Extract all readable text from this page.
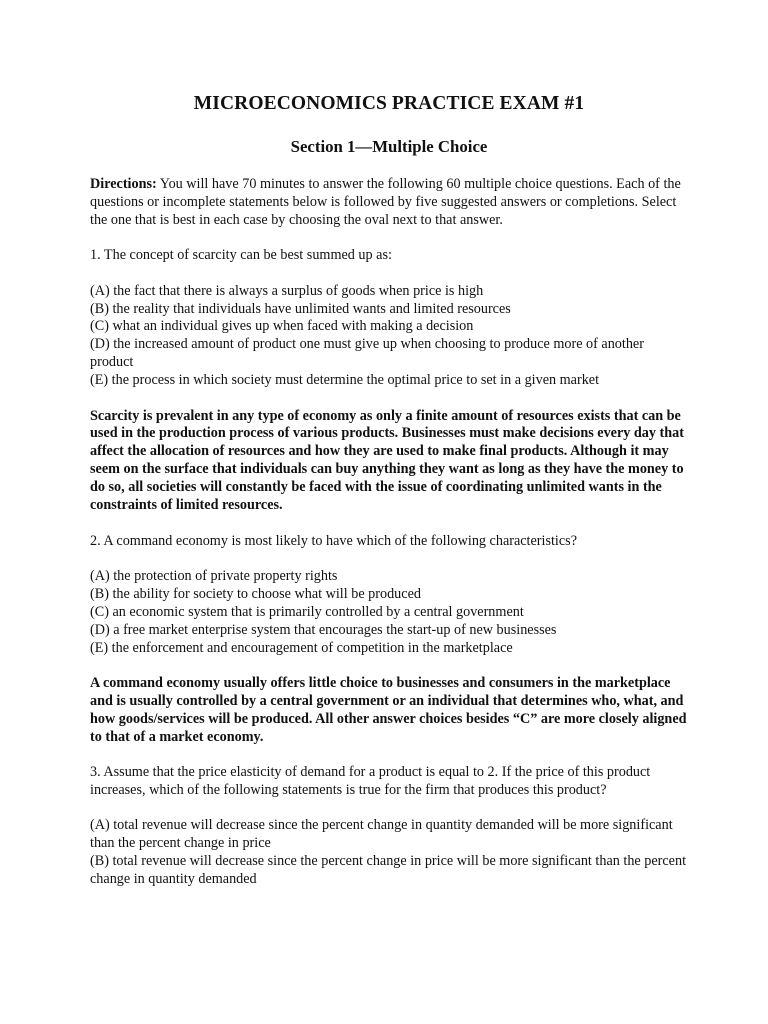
MICROECONOMICS PRACTICE EXAM #1
Section 1—Multiple Choice

Directions: You will have 70 minutes to answer the following 60 multiple choice questions. Each of the questions or incomplete statements below is followed by five suggested answers or completions. Select the one that is best in each case by choosing the oval next to that answer.

1. The concept of scarcity can be best summed up as:

(A) the fact that there is always a surplus of goods when price is high
(B) the reality that individuals have unlimited wants and limited resources
(C) what an individual gives up when faced with making a decision
(D) the increased amount of product one must give up when choosing to produce more of another product
(E) the process in which society must determine the optimal price to set in a given market

Scarcity is prevalent in any type of economy as only a finite amount of resources exists that can be used in the production process of various products. Businesses must make decisions every day that affect the allocation of resources and how they are used to make final products. Although it may seem on the surface that individuals can buy anything they want as long as they have the money to do so, all societies will constantly be faced with the issue of coordinating unlimited wants in the constraints of limited resources.

2. A command economy is most likely to have which of the following characteristics?

(A) the protection of private property rights
(B) the ability for society to choose what will be produced
(C) an economic system that is primarily controlled by a central government
(D) a free market enterprise system that encourages the start-up of new businesses
(E) the enforcement and encouragement of competition in the marketplace

A command economy usually offers little choice to businesses and consumers in the marketplace and is usually controlled by a central government or an individual that determines who, what, and how goods/services will be produced. All other answer choices besides “C” are more closely aligned to that of a market economy.

3. Assume that the price elasticity of demand for a product is equal to 2. If the price of this product increases, which of the following statements is true for the firm that produces this product?

(A) total revenue will decrease since the percent change in quantity demanded will be more significant than the percent change in price
(B) total revenue will decrease since the percent change in price will be more significant than the percent change in quantity demanded
